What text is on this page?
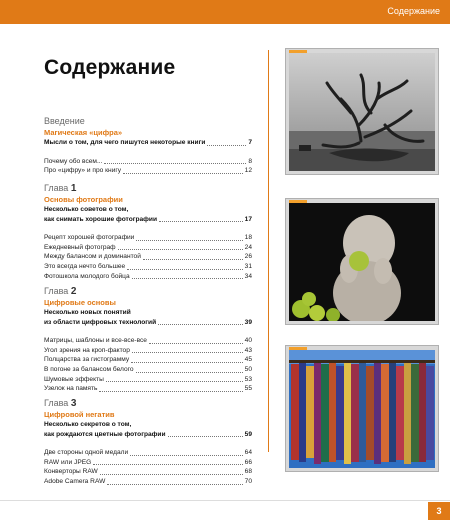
Содержание
Содержание
Введение
Магическая «цифра»
Мысли о том, для чего пишутся некоторые книги	7
Почему обо всем...	8
Про «цифру» и про книгу	12
Глава 1
Основы фотографии
Несколько советов о том,
как снимать хорошие фотографии	17
Рецепт хорошей фотографии	18
Ежедневный фотограф	24
Между балансом и доминантой	26
Это всегда нечто большее	31
Фотошкола молодого бойца	34
Глава 2
Цифровые основы
Несколько новых понятий
из области цифровых технологий	39
Матрицы, шаблоны и все-все-все	40
Угол зрения на кроп-фактор	43
Полцарства за гистограмму	45
В погоне за балансом белого	50
Шумовые эффекты	53
Узелок на память	55
Глава 3
Цифровой негатив
Несколько секретов о том,
как рождаются цветные фотографии	59
Две стороны одной медали	64
RAW или JPEG	66
Конверторы RAW	68
Adobe Camera RAW	70
3
